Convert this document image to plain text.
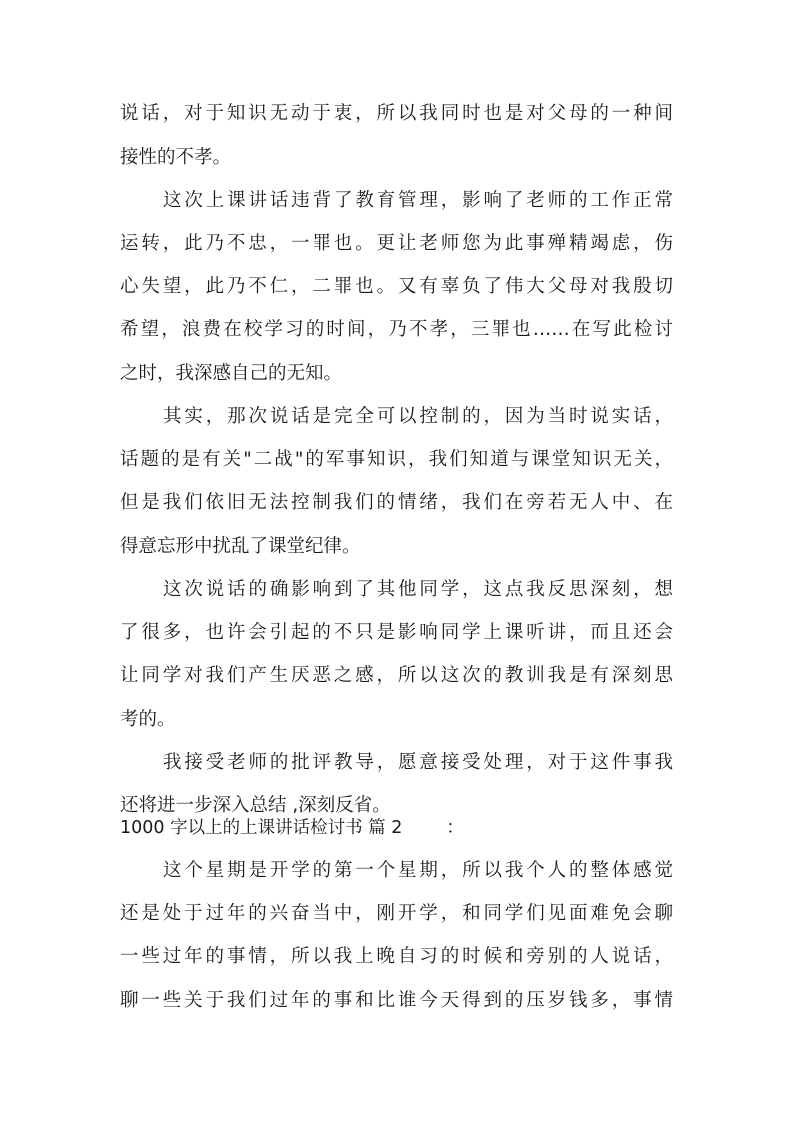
说话，对于知识无动于衷，所以我同时也是对父母的一种间
接性的不孝。
这次上课讲话违背了教育管理，影响了老师的工作正常
运转，此乃不忠，一罪也。更让老师您为此事殚精竭虑，伤
心失望，此乃不仁，二罪也。又有辜负了伟大父母对我殷切
希望，浪费在校学习的时间，乃不孝，三罪也……在写此检讨
之时，我深感自己的无知。
其实，那次说话是完全可以控制的，因为当时说实话，
话题的是有关"二战"的军事知识，我们知道与课堂知识无关，
但是我们依旧无法控制我们的情绪，我们在旁若无人中、在
得意忘形中扰乱了课堂纪律。
这次说话的确影响到了其他同学，这点我反思深刻，想
了很多，也许会引起的不只是影响同学上课听讲，而且还会
让同学对我们产生厌恶之感，所以这次的教训我是有深刻思
考的。
我接受老师的批评教导，愿意接受处理，对于这件事我
还将进一步深入总结 ,深刻反省。
1000 字以上的上课讲话检讨书 篇 2	：
这个星期是开学的第一个星期，所以我个人的整体感觉
还是处于过年的兴奋当中，刚开学，和同学们见面难免会聊
一些过年的事情，所以我上晚自习的时候和旁别的人说话，
聊一些关于我们过年的事和比谁今天得到的压岁钱多，事情
